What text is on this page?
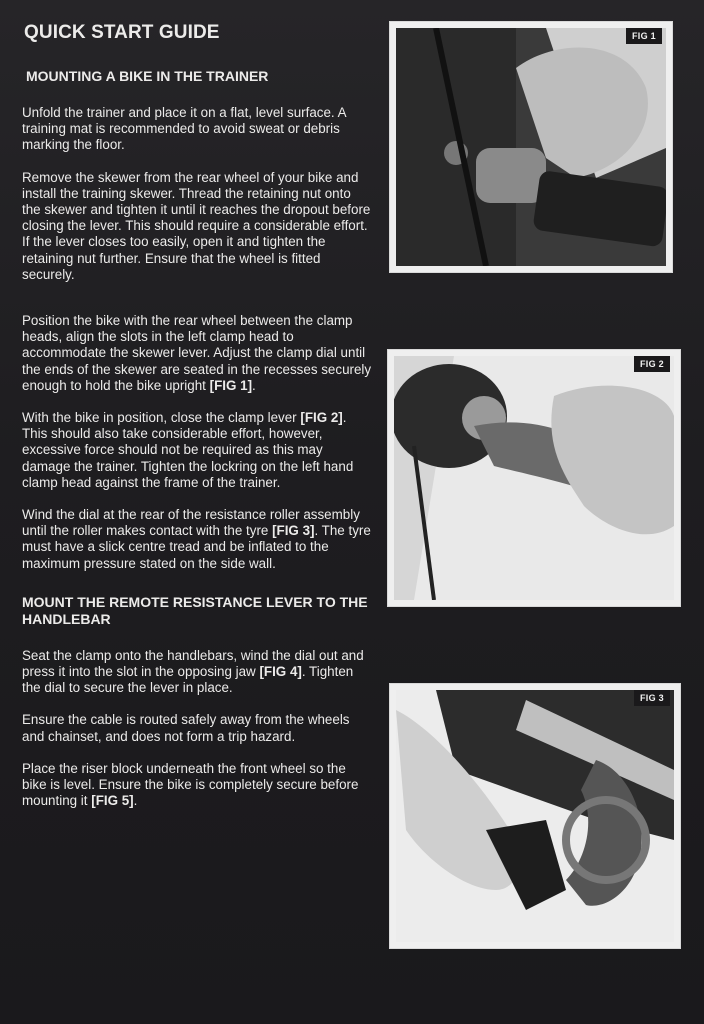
QUICK START GUIDE
MOUNTING A BIKE IN THE TRAINER

Unfold the trainer and place it on a flat, level surface. A training mat is recommended to avoid sweat or debris marking the floor.

Remove the skewer from the rear wheel of your bike and install the training skewer. Thread the retaining nut onto the skewer and tighten it until it reaches the dropout before closing the lever. This should require a considerable effort. If the lever closes too easily, open it and tighten the retaining nut further. Ensure that the wheel is fitted securely.

Position the bike with the rear wheel between the clamp heads, align the slots in the left clamp head to accommodate the skewer lever. Adjust the clamp dial until the ends of the skewer are seated in the recesses securely enough to hold the bike upright [FIG 1].

With the bike in position, close the clamp lever [FIG 2]. This should also take considerable effort, however, excessive force should not be required as this may damage the trainer. Tighten the lockring on the left hand clamp head against the frame of the trainer.

Wind the dial at the rear of the resistance roller assembly until the roller makes contact with the tyre [FIG 3]. The tyre must have a slick centre tread and be inflated to the maximum pressure stated on the side wall.

MOUNT THE REMOTE RESISTANCE LEVER TO THE HANDLEBAR

Seat the clamp onto the handlebars, wind the dial out and press it into the slot in the opposing jaw [FIG 4]. Tighten the dial to secure the lever in place.

Ensure the cable is routed safely away from the wheels and chainset, and does not form a trip hazard.

Place the riser block underneath the front wheel so the bike is level. Ensure the bike is completely secure before mounting it [FIG 5].

FIG 1
FIG 2
FIG 3
